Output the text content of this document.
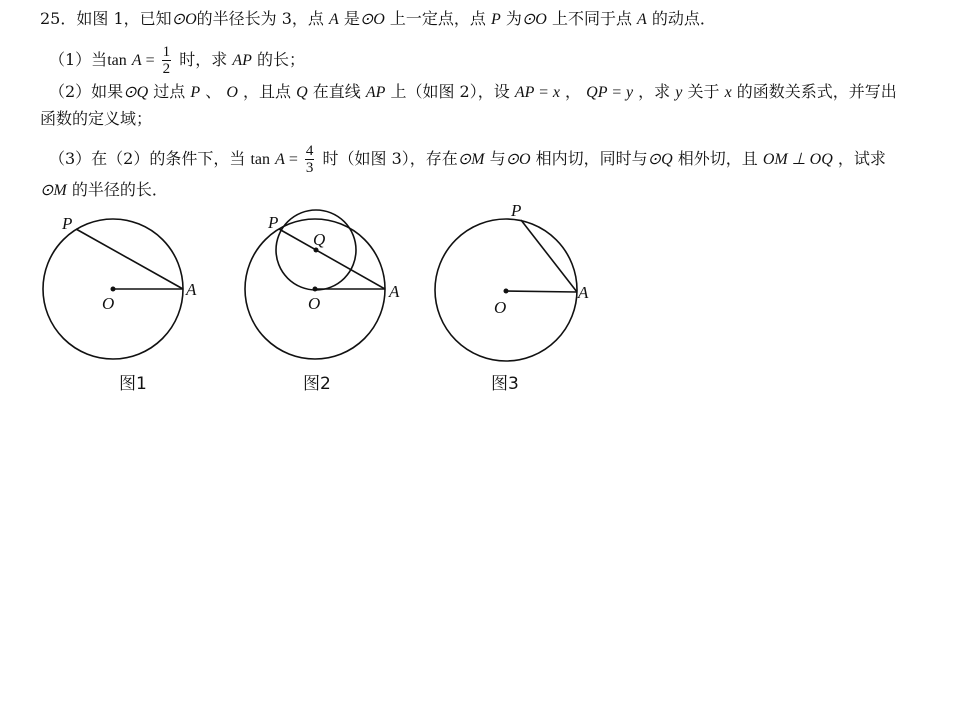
25．如图 1，已知⊙O的半径长为 3，点 A 是⊙O 上一定点，点 P 为⊙O 上不同于点 A 的动点．
（1）当$\tan A = \frac{1}{2}$ 时，求 AP 的长；
（2）如果⊙Q 过点 P 、 O ，且点 Q 在直线 AP 上（如图 2），设 AP = x ， QP = y ，求 y 关于 x 的函数关系式，并写出
函数的定义域；
（3）在（2）的条件下，当 $\tan A = \frac{4}{3}$ 时（如图 3），存在⊙M 与⊙O 相内切，同时与⊙Q 相外切，且 OM ⊥ OQ ，试求
⊙M 的半径的长．
P
O
A
图1
P
Q
O
A
图2
P
O
A
图3
